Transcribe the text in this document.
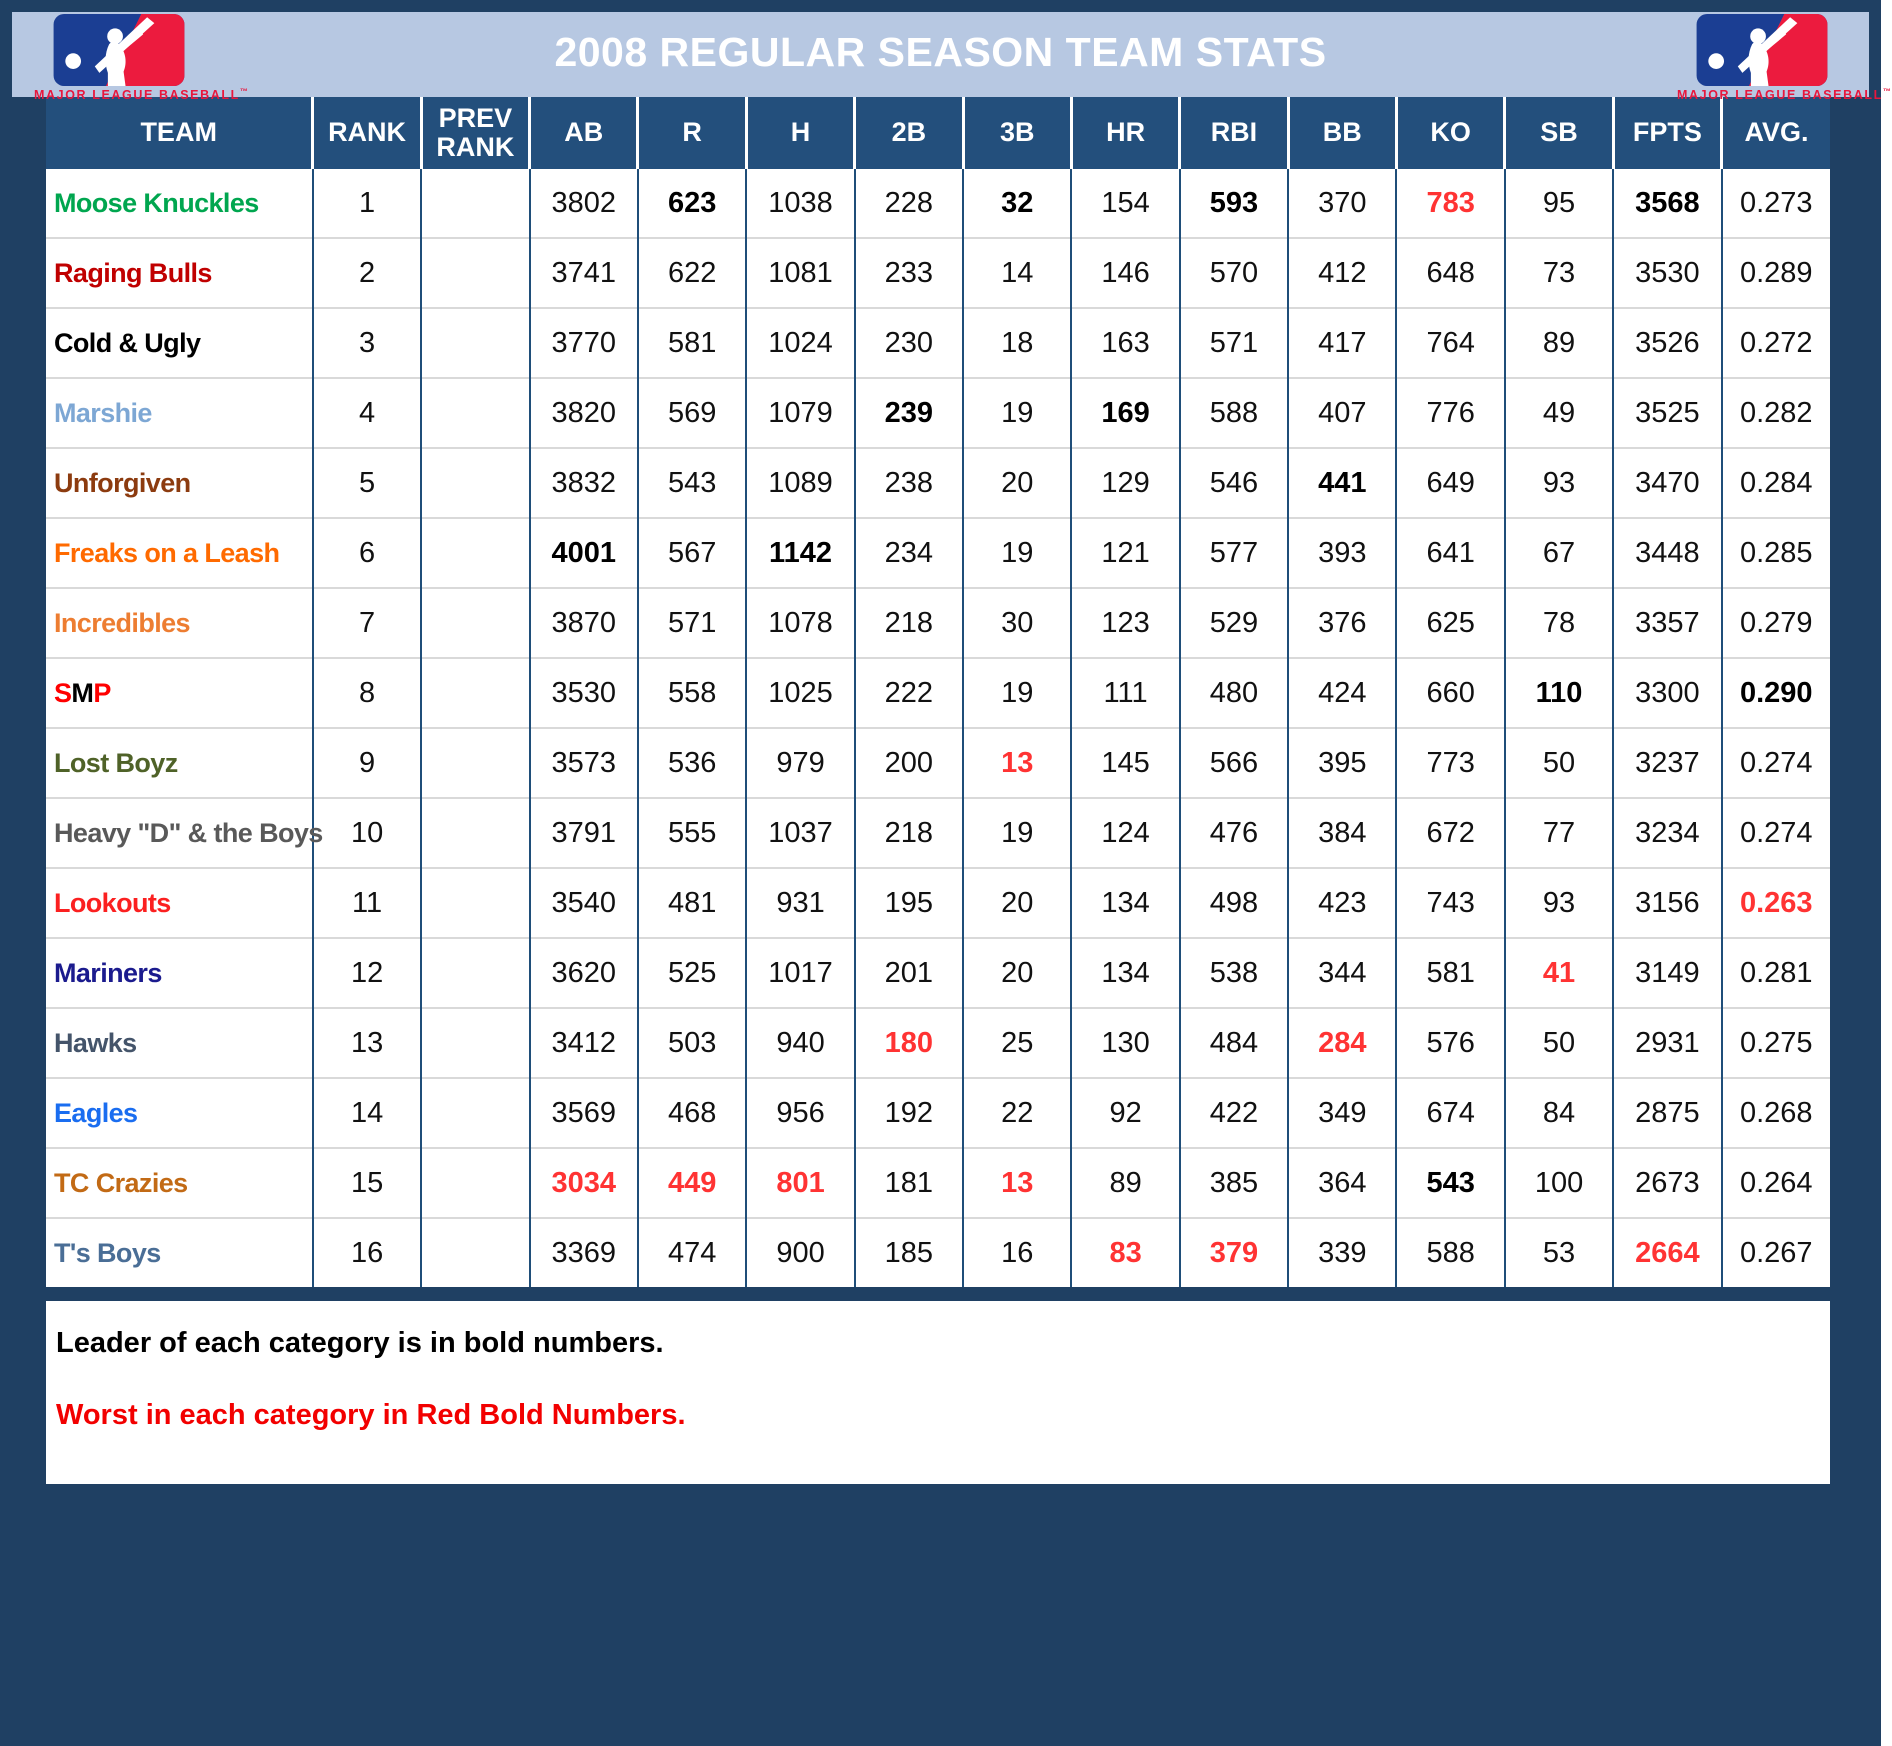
MAJOR LEAGUE BASEBALL™
2008 REGULAR SEASON TEAM STATS
MAJOR LEAGUE BASEBALL™
TEAM	RANK	PREV RANK	AB	R	H	2B	3B	HR	RBI	BB	KO	SB	FPTS	AVG.
Moose Knuckles	1		3802	623	1038	228	32	154	593	370	783	95	3568	0.273
Raging Bulls	2		3741	622	1081	233	14	146	570	412	648	73	3530	0.289
Cold & Ugly	3		3770	581	1024	230	18	163	571	417	764	89	3526	0.272
Marshie	4		3820	569	1079	239	19	169	588	407	776	49	3525	0.282
Unforgiven	5		3832	543	1089	238	20	129	546	441	649	93	3470	0.284
Freaks on a Leash	6		4001	567	1142	234	19	121	577	393	641	67	3448	0.285
Incredibles	7		3870	571	1078	218	30	123	529	376	625	78	3357	0.279
SMP	8		3530	558	1025	222	19	111	480	424	660	110	3300	0.290
Lost Boyz	9		3573	536	979	200	13	145	566	395	773	50	3237	0.274
Heavy "D" & the Boys	10		3791	555	1037	218	19	124	476	384	672	77	3234	0.274
Lookouts	11		3540	481	931	195	20	134	498	423	743	93	3156	0.263
Mariners	12		3620	525	1017	201	20	134	538	344	581	41	3149	0.281
Hawks	13		3412	503	940	180	25	130	484	284	576	50	2931	0.275
Eagles	14		3569	468	956	192	22	92	422	349	674	84	2875	0.268
TC Crazies	15		3034	449	801	181	13	89	385	364	543	100	2673	0.264
T's Boys	16		3369	474	900	185	16	83	379	339	588	53	2664	0.267
Leader of each category is in bold numbers.
Worst in each category in Red Bold Numbers.
